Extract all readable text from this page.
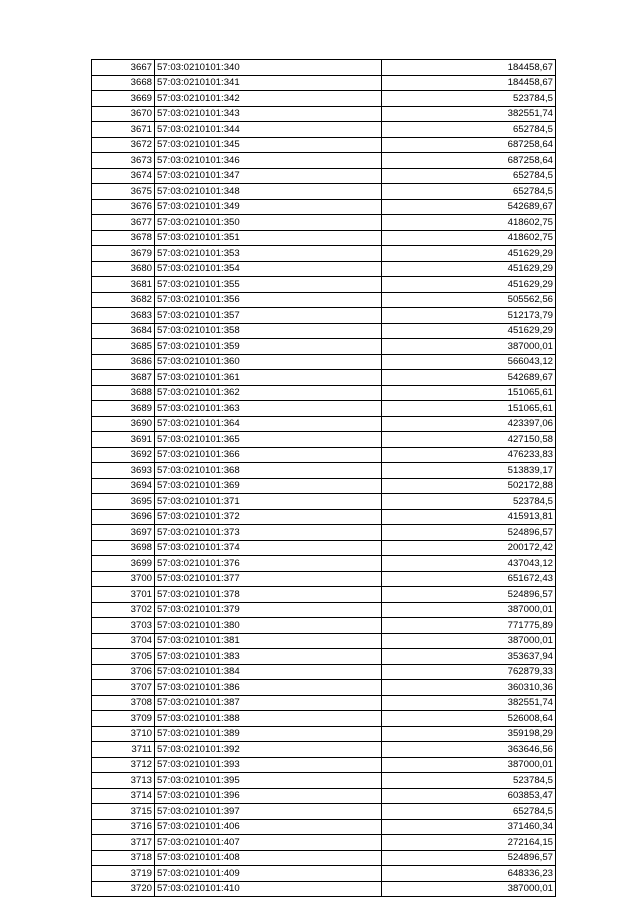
3667	57:03:0210101:340	184458,67
3668	57:03:0210101:341	184458,67
3669	57:03:0210101:342	523784,5
3670	57:03:0210101:343	382551,74
3671	57:03:0210101:344	652784,5
3672	57:03:0210101:345	687258,64
3673	57:03:0210101:346	687258,64
3674	57:03:0210101:347	652784,5
3675	57:03:0210101:348	652784,5
3676	57:03:0210101:349	542689,67
3677	57:03:0210101:350	418602,75
3678	57:03:0210101:351	418602,75
3679	57:03:0210101:353	451629,29
3680	57:03:0210101:354	451629,29
3681	57:03:0210101:355	451629,29
3682	57:03:0210101:356	505562,56
3683	57:03:0210101:357	512173,79
3684	57:03:0210101:358	451629,29
3685	57:03:0210101:359	387000,01
3686	57:03:0210101:360	566043,12
3687	57:03:0210101:361	542689,67
3688	57:03:0210101:362	151065,61
3689	57:03:0210101:363	151065,61
3690	57:03:0210101:364	423397,06
3691	57:03:0210101:365	427150,58
3692	57:03:0210101:366	476233,83
3693	57:03:0210101:368	513839,17
3694	57:03:0210101:369	502172,88
3695	57:03:0210101:371	523784,5
3696	57:03:0210101:372	415913,81
3697	57:03:0210101:373	524896,57
3698	57:03:0210101:374	200172,42
3699	57:03:0210101:376	437043,12
3700	57:03:0210101:377	651672,43
3701	57:03:0210101:378	524896,57
3702	57:03:0210101:379	387000,01
3703	57:03:0210101:380	771775,89
3704	57:03:0210101:381	387000,01
3705	57:03:0210101:383	353637,94
3706	57:03:0210101:384	762879,33
3707	57:03:0210101:386	360310,36
3708	57:03:0210101:387	382551,74
3709	57:03:0210101:388	526008,64
3710	57:03:0210101:389	359198,29
3711	57:03:0210101:392	363646,56
3712	57:03:0210101:393	387000,01
3713	57:03:0210101:395	523784,5
3714	57:03:0210101:396	603853,47
3715	57:03:0210101:397	652784,5
3716	57:03:0210101:406	371460,34
3717	57:03:0210101:407	272164,15
3718	57:03:0210101:408	524896,57
3719	57:03:0210101:409	648336,23
3720	57:03:0210101:410	387000,01
